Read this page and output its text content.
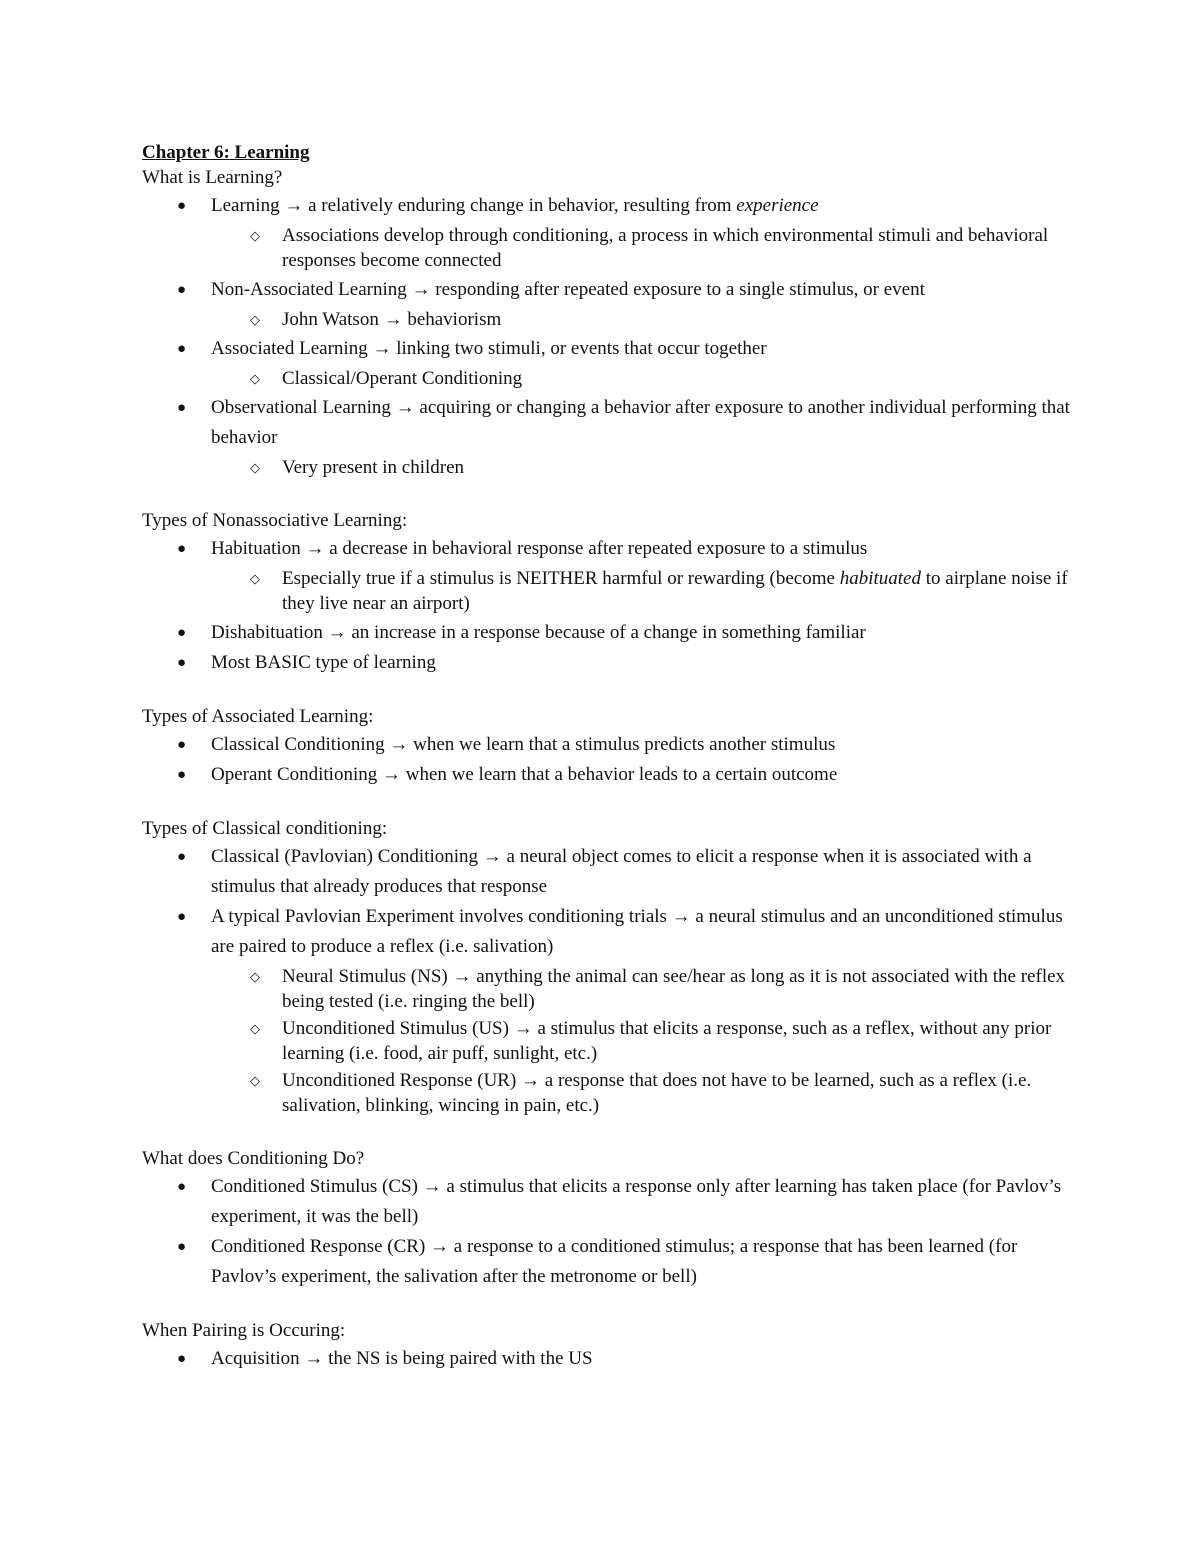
Chapter 6: Learning
What is Learning?
● Learning → a relatively enduring change in behavior, resulting from experience
◇ Associations develop through conditioning, a process in which environmental stimuli and behavioral responses become connected
● Non-Associated Learning → responding after repeated exposure to a single stimulus, or event
◇ John Watson → behaviorism
● Associated Learning → linking two stimuli, or events that occur together
◇ Classical/Operant Conditioning
● Observational Learning → acquiring or changing a behavior after exposure to another individual performing that behavior
◇ Very present in children
Types of Nonassociative Learning:
● Habituation → a decrease in behavioral response after repeated exposure to a stimulus
◇ Especially true if a stimulus is NEITHER harmful or rewarding (become habituated to airplane noise if they live near an airport)
● Dishabituation → an increase in a response because of a change in something familiar
● Most BASIC type of learning
Types of Associated Learning:
● Classical Conditioning → when we learn that a stimulus predicts another stimulus
● Operant Conditioning → when we learn that a behavior leads to a certain outcome
Types of Classical conditioning:
● Classical (Pavlovian) Conditioning → a neural object comes to elicit a response when it is associated with a stimulus that already produces that response
● A typical Pavlovian Experiment involves conditioning trials → a neural stimulus and an unconditioned stimulus are paired to produce a reflex (i.e. salivation)
◇ Neural Stimulus (NS) → anything the animal can see/hear as long as it is not associated with the reflex being tested (i.e. ringing the bell)
◇ Unconditioned Stimulus (US) → a stimulus that elicits a response, such as a reflex, without any prior learning (i.e. food, air puff, sunlight, etc.)
◇ Unconditioned Response (UR) → a response that does not have to be learned, such as a reflex (i.e. salivation, blinking, wincing in pain, etc.)
What does Conditioning Do?
● Conditioned Stimulus (CS) → a stimulus that elicits a response only after learning has taken place (for Pavlov’s experiment, it was the bell)
● Conditioned Response (CR) → a response to a conditioned stimulus; a response that has been learned (for Pavlov’s experiment, the salivation after the metronome or bell)
When Pairing is Occuring:
● Acquisition → the NS is being paired with the US
